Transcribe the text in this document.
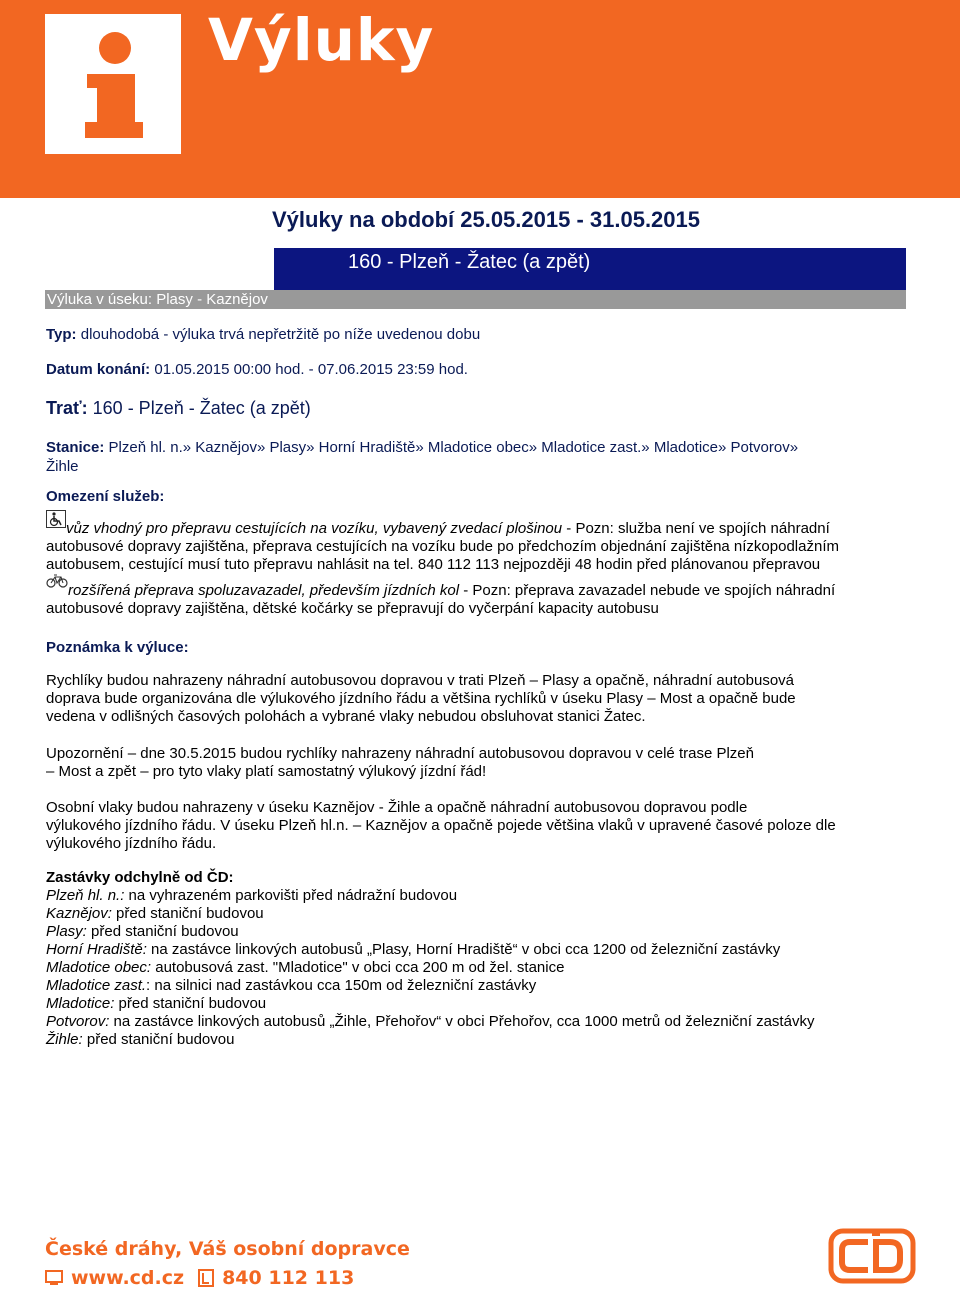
Výluky
Výluky na období 25.05.2015 - 31.05.2015
160 - Plzeň - Žatec (a zpět)
Výluka v úseku: Plasy - Kaznějov
Typ: dlouhodobá - výluka trvá nepřetržitě po níže uvedenou dobu
Datum konání: 01.05.2015 00:00 hod. - 07.06.2015 23:59 hod.
Trať: 160 - Plzeň - Žatec (a zpět)
Stanice: Plzeň hl. n.» Kaznějov» Plasy» Horní Hradiště» Mladotice obec» Mladotice zast.» Mladotice» Potvorov»
Žihle
Omezení služeb:
vůz vhodný pro přepravu cestujících na vozíku, vybavený zvedací plošinou - Pozn: služba není ve spojích náhradní
autobusové dopravy zajištěna, přeprava cestujících na vozíku bude po předchozím objednání zajištěna nízkopodlažním
autobusem, cestující musí tuto přepravu nahlásit na tel. 840 112 113 nejpozději 48 hodin před plánovanou přepravou
rozšířená přeprava spoluzavazadel, především jízdních kol - Pozn: přeprava zavazadel nebude ve spojích náhradní
autobusové dopravy zajištěna, dětské kočárky se přepravují do vyčerpání kapacity autobusu
Poznámka k výluce:
Rychlíky budou nahrazeny náhradní autobusovou dopravou v trati Plzeň – Plasy a opačně, náhradní autobusová
doprava bude organizována dle výlukového jízdního řádu a většina rychlíků v úseku Plasy – Most a opačně bude
vedena v odlišných časových polohách a vybrané vlaky nebudou obsluhovat stanici Žatec.
Upozornění – dne 30.5.2015 budou rychlíky nahrazeny náhradní autobusovou dopravou v celé trase Plzeň
– Most a zpět – pro tyto vlaky platí samostatný výlukový jízdní řád!
Osobní vlaky budou nahrazeny v úseku Kaznějov - Žihle a opačně náhradní autobusovou dopravou podle
výlukového jízdního řádu. V úseku Plzeň hl.n. – Kaznějov a opačně pojede většina vlaků v upravené časové poloze dle
výlukového jízdního řádu.
Zastávky odchylně od ČD:
Plzeň hl. n.: na vyhrazeném parkovišti před nádražní budovou
Kaznějov: před staniční budovou
Plasy: před staniční budovou
Horní Hradiště: na zastávce linkových autobusů „Plasy, Horní Hradiště“ v obci cca 1200 od železniční zastávky
Mladotice obec: autobusová zast. "Mladotice" v obci cca 200 m od žel. stanice
Mladotice zast.: na silnici nad zastávkou cca 150m od železniční zastávky
Mladotice: před staniční budovou
Potvorov: na zastávce linkových autobusů „Žihle, Přehořov“ v obci Přehořov, cca 1000 metrů od železniční zastávky
Žihle: před staniční budovou
České dráhy, Váš osobní dopravce
www.cd.cz 840 112 113
